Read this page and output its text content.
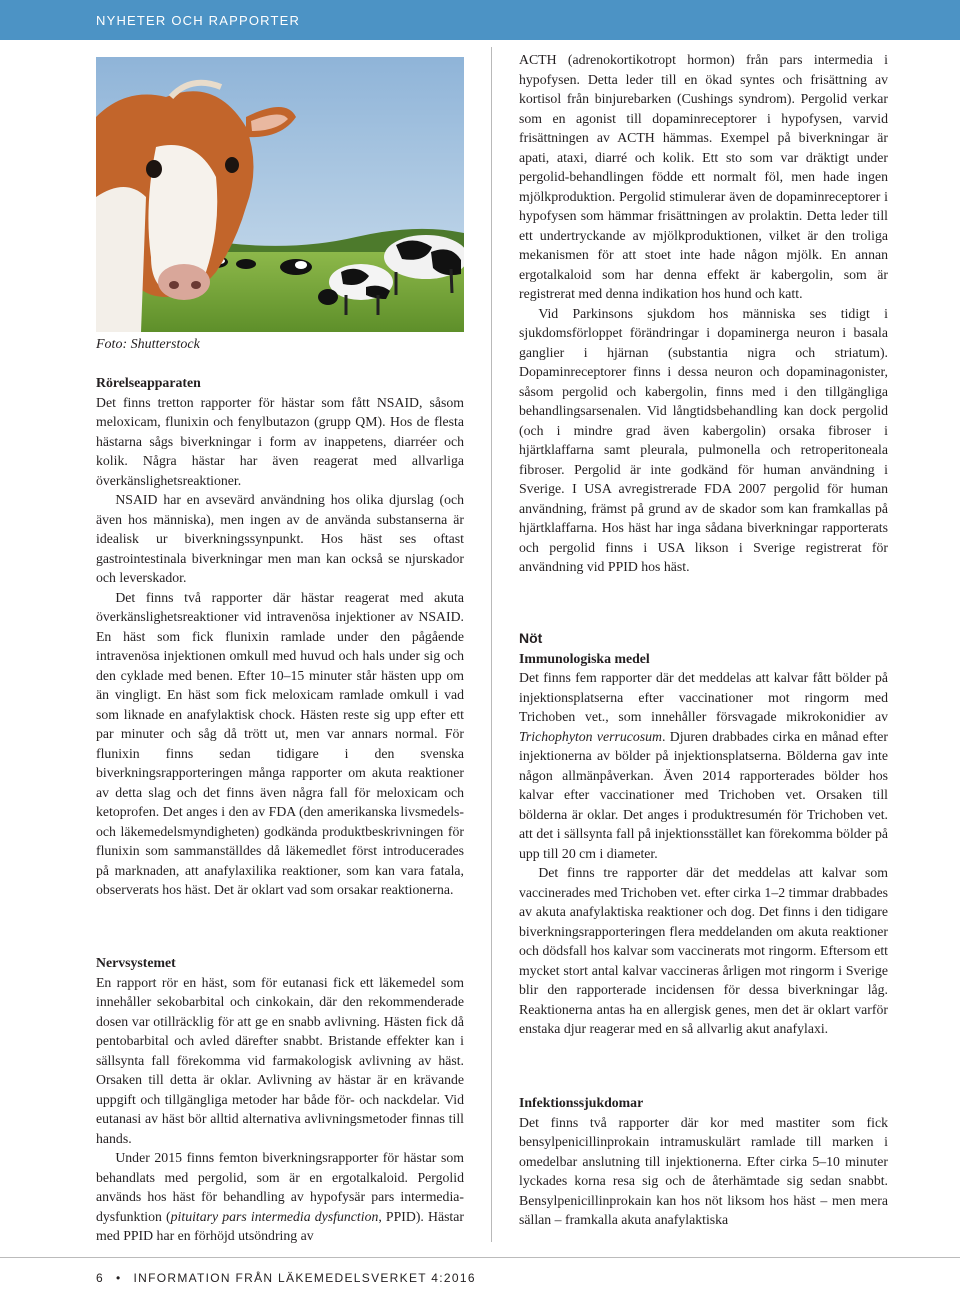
NYHETER OCH RAPPORTER
Foto: Shutterstock

Rörelseapparaten

Det finns tretton rapporter för hästar som fått NSAID, såsom meloxicam, flunixin och fenylbutazon (grupp QM). Hos de flesta hästarna sågs biverkningar i form av inappetens, diarréer och kolik. Några hästar har även reagerat med allvarliga överkänslighetsreaktioner.

NSAID har en avsevärd användning hos olika djurslag (och även hos människa), men ingen av de använda substanserna är idealisk ur biverkningssynpunkt. Hos häst ses oftast gastrointestinala biverkningar men man kan också se njurskador och leverskador.

Det finns två rapporter där hästar reagerat med akuta överkänslighetsreaktioner vid intravenösa injektioner av NSAID. En häst som fick flunixin ramlade under den pågående intravenösa injektionen omkull med huvud och hals under sig och den cyklade med benen. Efter 10–15 minuter står hästen upp om än vingligt. En häst som fick meloxicam ramlade omkull i vad som liknade en anafylaktisk chock. Hästen reste sig upp efter ett par minuter och såg då trött ut, men var annars normal. För flunixin finns sedan tidigare i den svenska biverkningsrapporteringen många rapporter om akuta reaktioner av detta slag och det finns även några fall för meloxicam och ketoprofen. Det anges i den av FDA (den amerikanska livsmedels- och läkemedelsmyndigheten) godkända produktbeskrivningen för flunixin som sammanställdes då läkemedlet först introducerades på marknaden, att anafylaxilika reaktioner, som kan vara fatala, observerats hos häst. Det är oklart vad som orsakar reaktionerna.

Nervsystemet

En rapport rör en häst, som för eutanasi fick ett läkemedel som innehåller sekobarbital och cinkokain, där den rekommenderade dosen var otillräcklig för att ge en snabb avlivning. Hästen fick då pentobarbital och avled därefter snabbt. Bristande effekter kan i sällsynta fall förekomma vid farmakologisk avlivning av häst. Orsaken till detta är oklar. Avlivning av hästar är en krävande uppgift och tillgängliga metoder har både för- och nackdelar. Vid eutanasi av häst bör alltid alternativa avlivningsmetoder finnas till hands.

Under 2015 finns femton biverkningsrapporter för hästar som behandlats med pergolid, som är en ergotalkaloid. Pergolid används hos häst för behandling av hypofysär pars intermedia-dysfunktion (pituitary pars intermedia dysfunction, PPID). Hästar med PPID har en förhöjd utsöndring av

ACTH (adrenokortikotropt hormon) från pars intermedia i hypofysen. Detta leder till en ökad syntes och frisättning av kortisol från binjurebarken (Cushings syndrom). Pergolid verkar som en agonist till dopaminreceptorer i hypofysen, varvid frisättningen av ACTH hämmas. Exempel på biverkningar är apati, ataxi, diarré och kolik. Ett sto som var dräktigt under pergolid-behandlingen födde ett normalt föl, men hade ingen mjölkproduktion. Pergolid stimulerar även de dopaminreceptorer i hypofysen som hämmar frisättningen av prolaktin. Detta leder till ett undertryckande av mjölkproduktionen, vilket är den troliga mekanismen för att stoet inte hade någon mjölk. En annan ergotalkaloid som har denna effekt är kabergolin, som är registrerat med denna indikation hos hund och katt.

Vid Parkinsons sjukdom hos människa ses tidigt i sjukdomsförloppet förändringar i dopaminerga neuron i basala ganglier i hjärnan (substantia nigra och striatum). Dopaminreceptorer finns i dessa neuron och dopaminagonister, såsom pergolid och kabergolin, finns med i den tillgängliga behandlingsarsenalen. Vid långtidsbehandling kan dock pergolid (och i mindre grad även kabergolin) orsaka fibroser i hjärtklaffarna samt pleurala, pulmonella och retroperitoneala fibroser. Pergolid är inte godkänd för human användning i Sverige. I USA avregistrerade FDA 2007 pergolid för human användning, främst på grund av de skador som kan framkallas på hjärtklaffarna. Hos häst har inga sådana biverkningar rapporterats och pergolid finns i USA likson i Sverige registrerat för användning vid PPID hos häst.

Nöt

Immunologiska medel

Det finns fem rapporter där det meddelas att kalvar fått bölder på injektionsplatserna efter vaccinationer mot ringorm med Trichoben vet., som innehåller försvagade mikrokonidier av Trichophyton verrucosum. Djuren drabbades cirka en månad efter injektionerna av bölder på injektionsplatserna. Bölderna gav inte någon allmänpåverkan. Även 2014 rapporterades bölder hos kalvar efter vaccinationer med Trichoben vet. Orsaken till bölderna är oklar. Det anges i produktresumén för Trichoben vet. att det i sällsynta fall på injektionsstället kan förekomma bölder på upp till 20 cm i diameter.

Det finns tre rapporter där det meddelas att kalvar som vaccinerades med Trichoben vet. efter cirka 1–2 timmar drabbades av akuta anafylaktiska reaktioner och dog. Det finns i den tidigare biverkningsrapporteringen flera meddelanden om akuta reaktioner och dödsfall hos kalvar som vaccinerats mot ringorm. Eftersom ett mycket stort antal kalvar vaccineras årligen mot ringorm i Sverige blir den rapporterade incidensen för dessa biverkningar låg. Reaktionerna antas ha en allergisk genes, men det är oklart varför enstaka djur reagerar med en så allvarlig akut anafylaxi.

Infektionssjukdomar

Det finns två rapporter där kor med mastiter som fick bensylpenicillinprokain intramuskulärt ramlade till marken i omedelbar anslutning till injektionerna. Efter cirka 5–10 minuter lyckades korna resa sig och de återhämtade sig sedan snabbt. Bensylpenicillinprokain kan hos nöt liksom hos häst – men mera sällan – framkalla akuta anafylaktiska

6 • INFORMATION FRÅN LÄKEMEDELSVERKET 4:2016
